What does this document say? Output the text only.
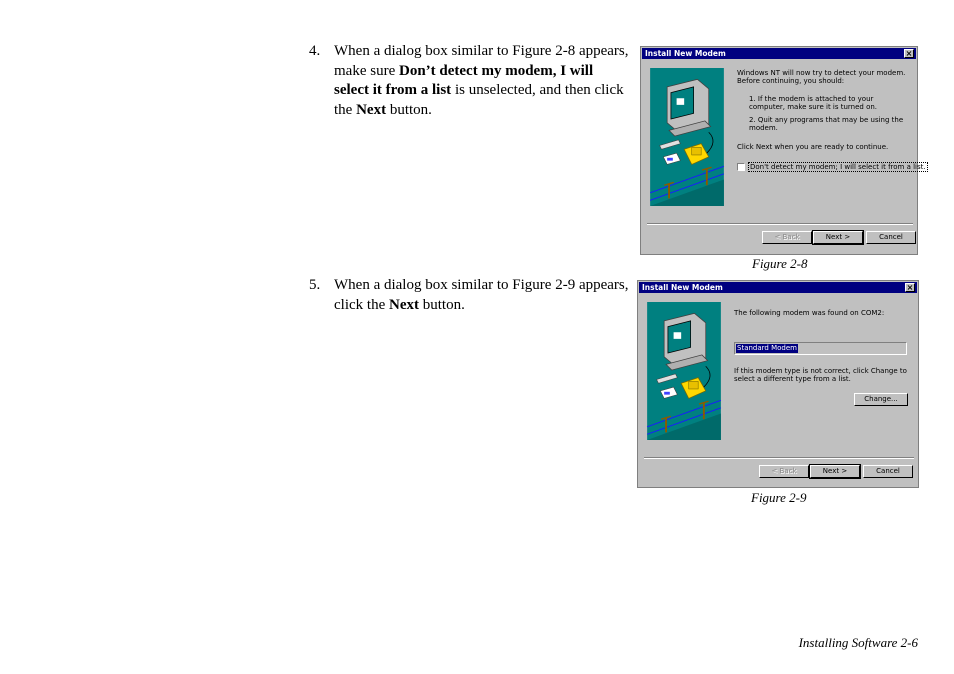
4. When a dialog box similar to Figure 2-8 appears, make sure Don’t detect my modem, I will select it from a list is unselected, and then click the Next button.
5. When a dialog box similar to Figure 2-9 appears, click the Next button.
Install New Modem	×
Windows NT will now try to detect your modem. Before continuing, you should:
1. If the modem is attached to your computer, make sure it is turned on.
2. Quit any programs that may be using the modem.
Click Next when you are ready to continue.
Don't detect my modem; I will select it from a list.
< Back	Next >	Cancel
Figure 2-8
Install New Modem	×
The following modem was found on COM2:
Standard Modem
If this modem type is not correct, click Change to select a different type from a list.
Change...
< Back	Next >	Cancel
Figure 2-9
Installing Software 2-6
